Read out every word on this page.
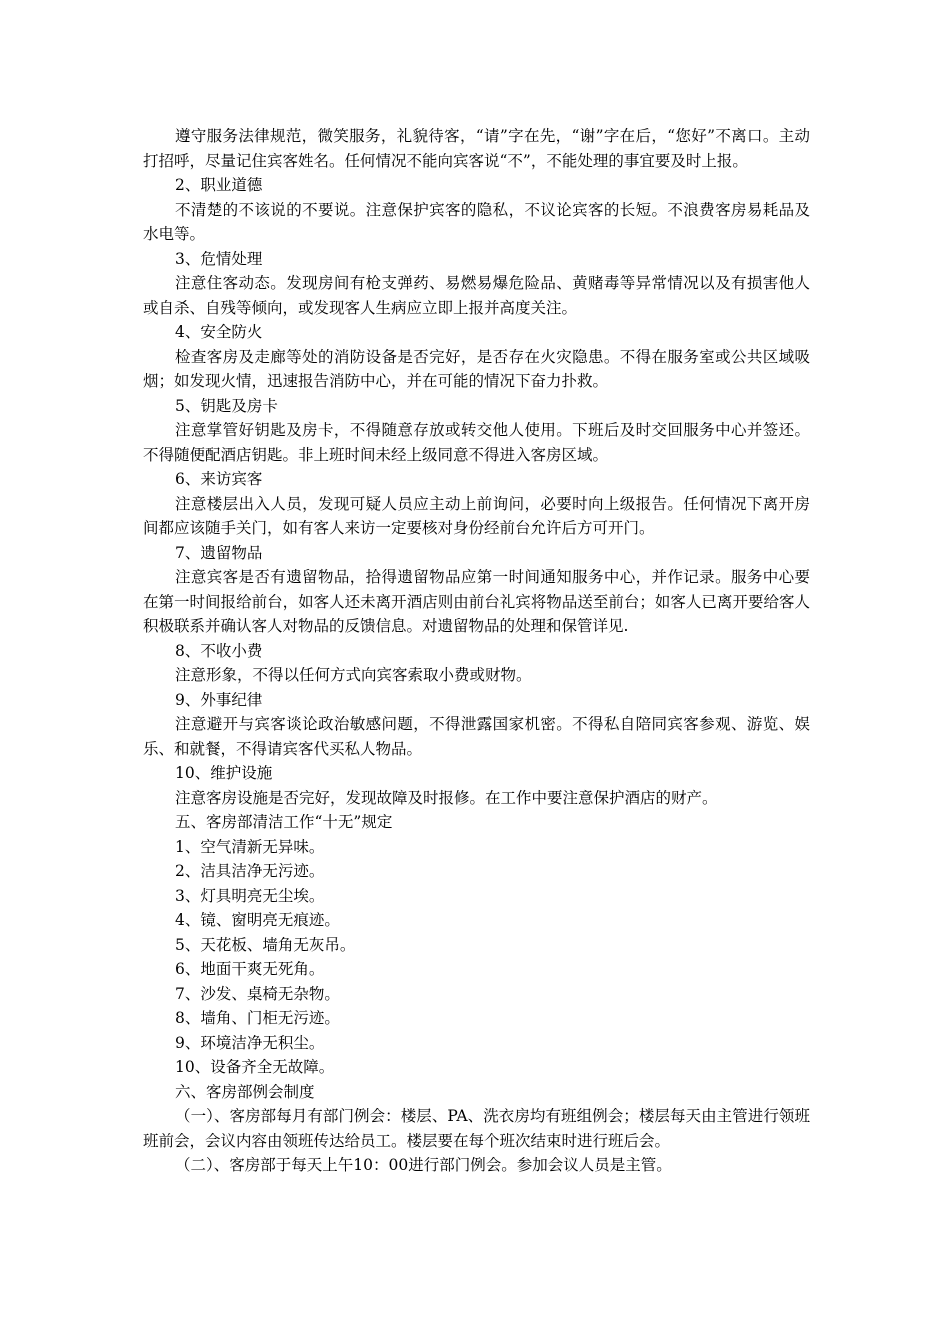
遵守服务法律规范，微笑服务，礼貌待客，“请”字在先，“谢”字在后，“您好”不离口。主动打招呼，尽量记住宾客姓名。任何情况不能向宾客说“不”，不能处理的事宜要及时上报。

2、职业道德

不清楚的不该说的不要说。注意保护宾客的隐私，不议论宾客的长短。不浪费客房易耗品及水电等。

3、危情处理

注意住客动态。发现房间有枪支弹药、易燃易爆危险品、黄赌毒等异常情况以及有损害他人或自杀、自残等倾向，或发现客人生病应立即上报并高度关注。

4、安全防火

检查客房及走廊等处的消防设备是否完好，是否存在火灾隐患。不得在服务室或公共区域吸烟；如发现火情，迅速报告消防中心，并在可能的情况下奋力扑救。

5、钥匙及房卡

注意掌管好钥匙及房卡，不得随意存放或转交他人使用。下班后及时交回服务中心并签还。不得随便配酒店钥匙。非上班时间未经上级同意不得进入客房区域。

6、来访宾客

注意楼层出入人员，发现可疑人员应主动上前询问，必要时向上级报告。任何情况下离开房间都应该随手关门，如有客人来访一定要核对身份经前台允许后方可开门。

7、遗留物品

注意宾客是否有遗留物品，拾得遗留物品应第一时间通知服务中心，并作记录。服务中心要在第一时间报给前台，如客人还未离开酒店则由前台礼宾将物品送至前台；如客人已离开要给客人积极联系并确认客人对物品的反馈信息。对遗留物品的处理和保管详见.

8、不收小费

注意形象，不得以任何方式向宾客索取小费或财物。

9、外事纪律

注意避开与宾客谈论政治敏感问题，不得泄露国家机密。不得私自陪同宾客参观、游览、娱乐、和就餐，不得请宾客代买私人物品。

10、维护设施

注意客房设施是否完好，发现故障及时报修。在工作中要注意保护酒店的财产。

五、客房部清洁工作“十无”规定

1、空气清新无异味。

2、洁具洁净无污迹。

3、灯具明亮无尘埃。

4、镜、窗明亮无痕迹。

5、天花板、墙角无灰吊。

6、地面干爽无死角。

7、沙发、桌椅无杂物。

8、墙角、门柜无污迹。

9、环境洁净无积尘。

10、设备齐全无故障。

六、客房部例会制度

（一）、客房部每月有部门例会：楼层、PA、洗衣房均有班组例会；楼层每天由主管进行领班班前会，会议内容由领班传达给员工。楼层要在每个班次结束时进行班后会。

（二）、客房部于每天上午10：00进行部门例会。参加会议人员是主管。
